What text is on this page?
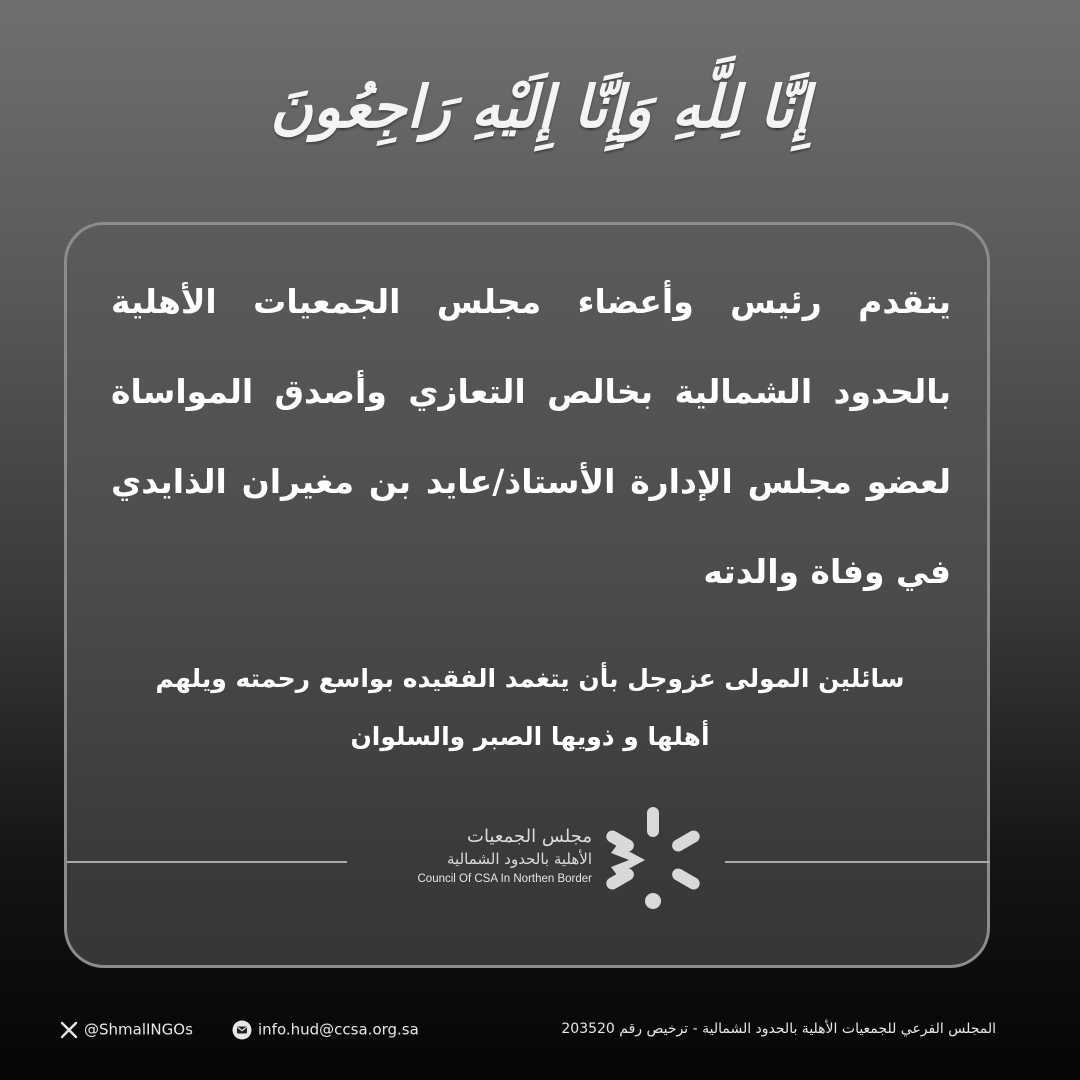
إِنَّا لِلَّهِ وَإِنَّا إِلَيْهِ رَاجِعُونَ

يتقدم رئيس وأعضاء مجلس الجمعيات الأهلية بالحدود الشمالية بخالص التعازي وأصدق المواساة لعضو مجلس الإدارة الأستاذ/عايد بن مغيران الذايدي في وفاة والدته

سائلين المولى عزوجل بأن يتغمد الفقيده بواسع رحمته ويلهم
أهلها و ذويها الصبر والسلوان
مجلس الجمعيات
الأهلية بالحدود الشمالية
Council Of CSA In Northen Border
@ShmalINGOs	info.hud@ccsa.org.sa	المجلس الفرعي للجمعيات الأهلية بالحدود الشمالية - ترخيص رقم 203520
